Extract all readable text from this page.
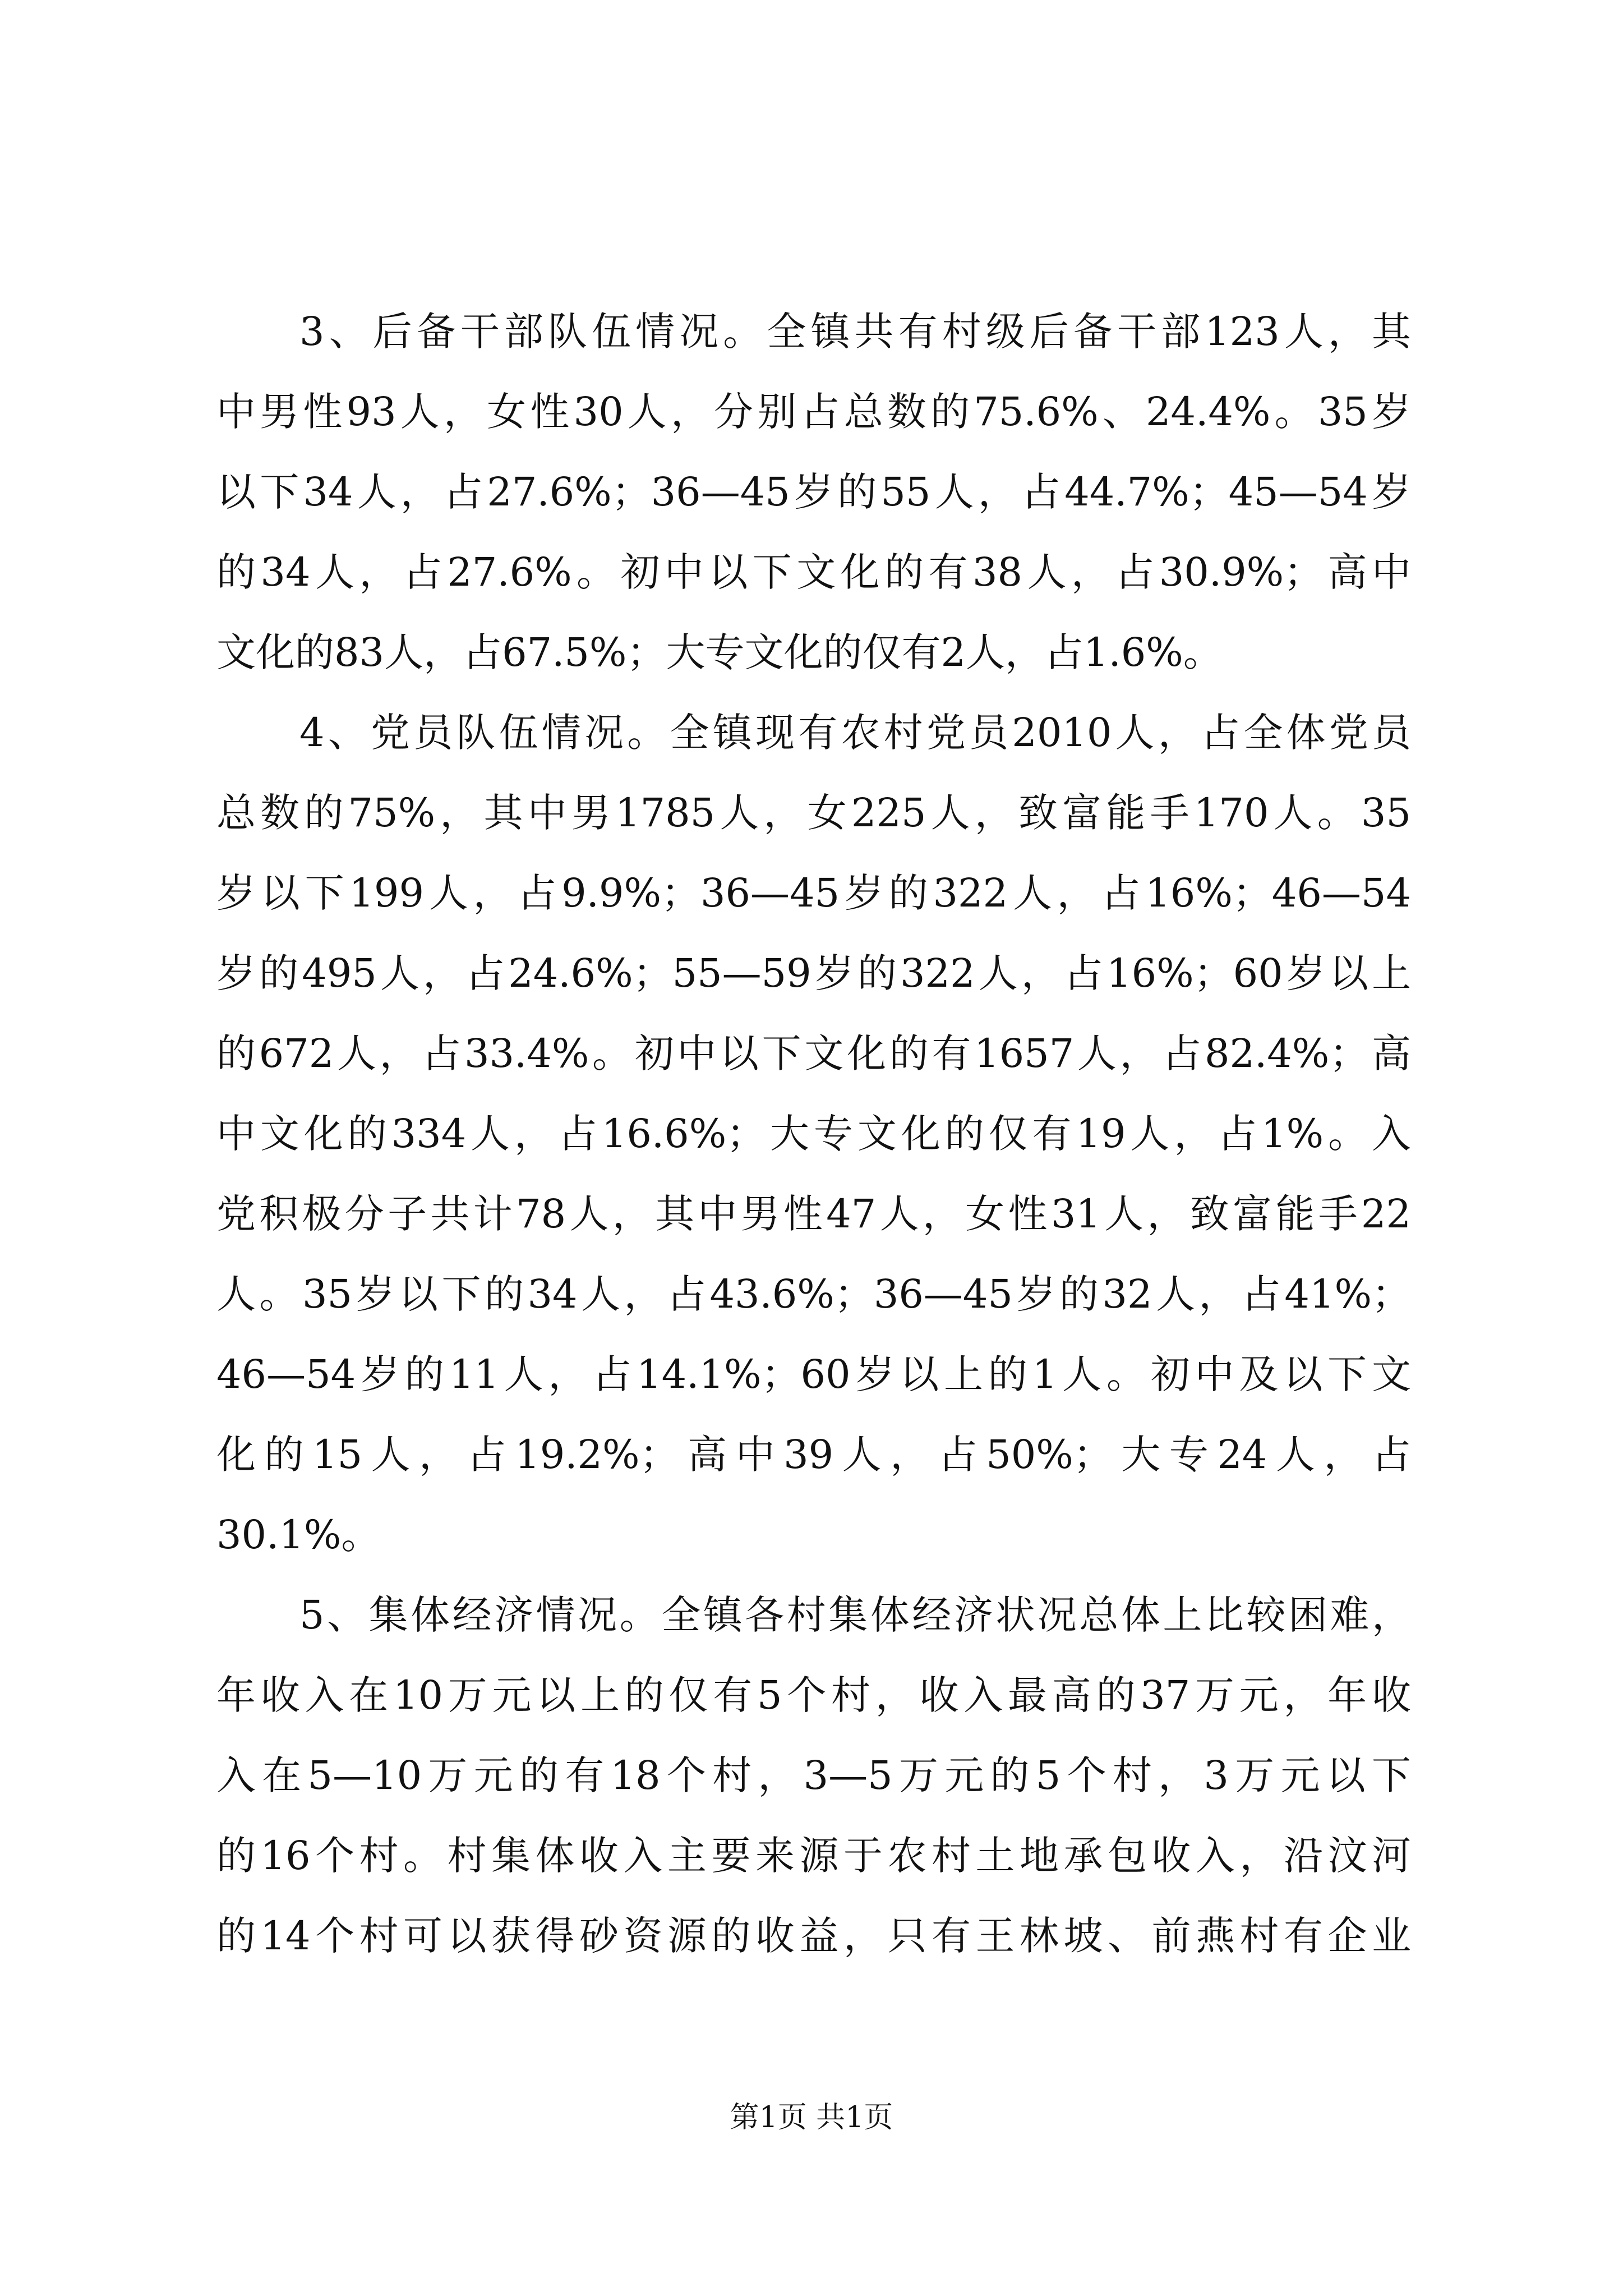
3、后备干部队伍情况。全镇共有村级后备干部123人，其
中男性93人，女性30人，分别占总数的75.6%、24.4%。35岁
以下34人，占27.6%；36—45岁的55人，占44.7%；45—54岁
的34人，占27.6%。初中以下文化的有38人，占30.9%；高中
文化的83人，占67.5%；大专文化的仅有2人，占1.6%。
4、党员队伍情况。全镇现有农村党员2010人，占全体党员
总数的75%，其中男1785人，女225人，致富能手170人。35
岁以下199人，占9.9%；36—45岁的322人，占16%；46—54
岁的495人，占24.6%；55—59岁的322人，占16%；60岁以上
的672人，占33.4%。初中以下文化的有1657人，占82.4%；高
中文化的334人，占16.6%；大专文化的仅有19人，占1%。入
党积极分子共计78人，其中男性47人，女性31人，致富能手22
人。35岁以下的34人，占43.6%；36—45岁的32人，占41%；
46—54岁的11人，占14.1%；60岁以上的1人。初中及以下文
化的15人，占19.2%；高中39人，占50%；大专24人，占
30.1%。
5、集体经济情况。全镇各村集体经济状况总体上比较困难，
年收入在10万元以上的仅有5个村，收入最高的37万元，年收
入在5—10万元的有18个村，3—5万元的5个村，3万元以下
的16个村。村集体收入主要来源于农村土地承包收入，沿汶河
的14个村可以获得砂资源的收益，只有王林坡、前燕村有企业
第1页 共1页
